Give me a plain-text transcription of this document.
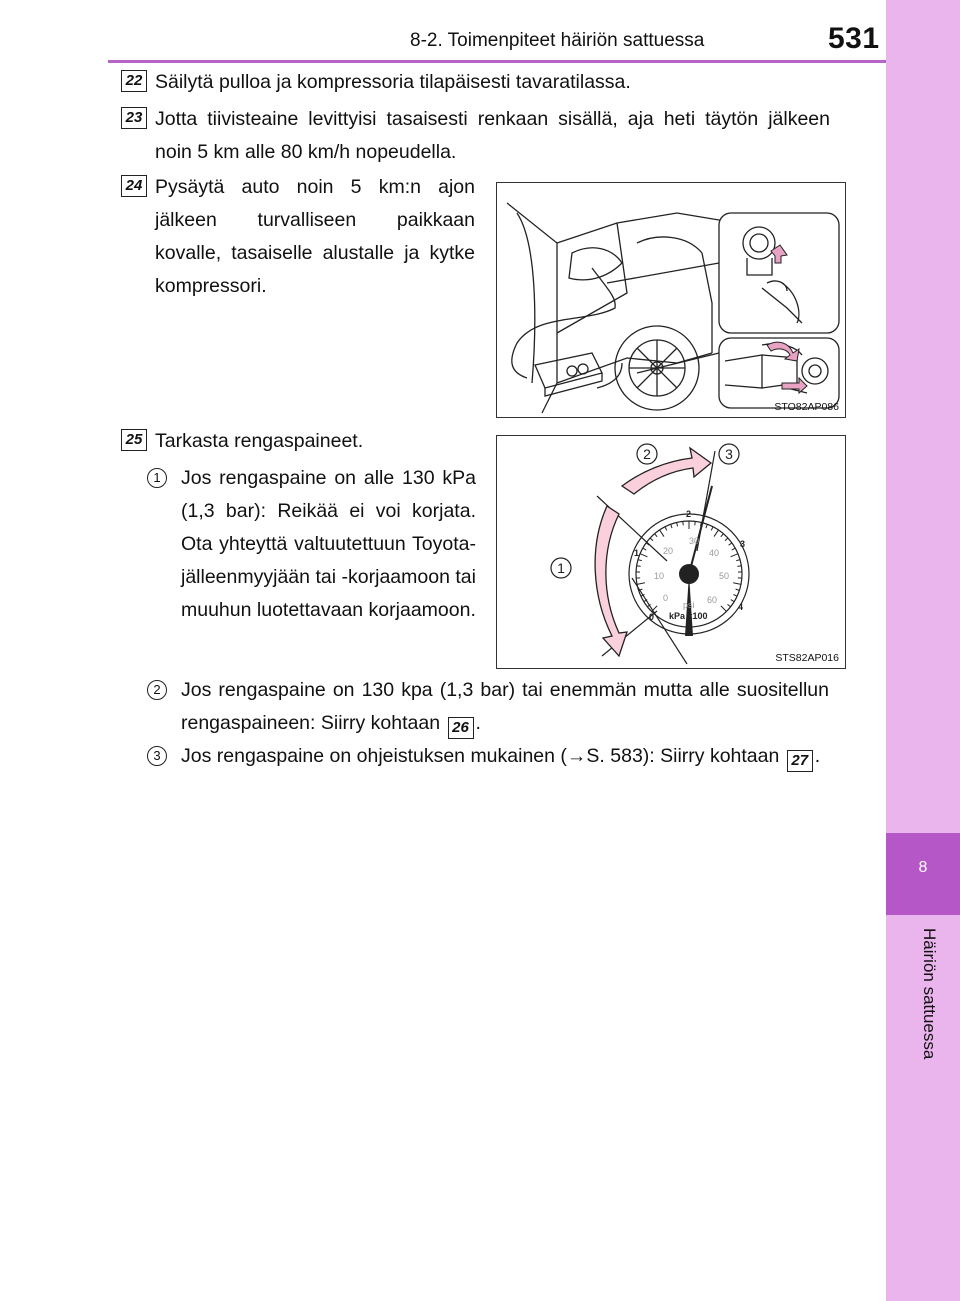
8-2. Toimenpiteet häiriön sattuessa	531
8
Häiriön sattuessa
22 Säilytä pulloa ja kompressoria tilapäisesti tavaratilassa.
23 Jotta tiivisteaine levittyisi tasaisesti renkaan sisällä, aja heti täytön jälkeen noin 5 km alle 80 km/h nopeudella.
24 Pysäytä auto noin 5 km:n ajon jälkeen turvalliseen paikkaan kovalle, tasaiselle alustalle ja kytke kompressori.
STO82AP086
25 Tarkasta rengaspaineet.
1	Jos rengaspaine on alle 130 kPa (1,3 bar): Reikää ei voi korjata. Ota yhteyttä valtuutettuun Toyota-jälleenmyyjään tai -korjaamoon tai muuhun luotettavaan korjaamoon.
1
2	3
0
1
2
3
4
0
10
20
30
40
50
60
psi
kPa x100
STS82AP016
2	Jos rengaspaine on 130 kpa (1,3 bar) tai enemmän mutta alle suositellun rengaspaineen: Siirry kohtaan 26 .
3	Jos rengaspaine on ohjeistuksen mukainen (→S. 583): Siirry kohtaan 27 .
